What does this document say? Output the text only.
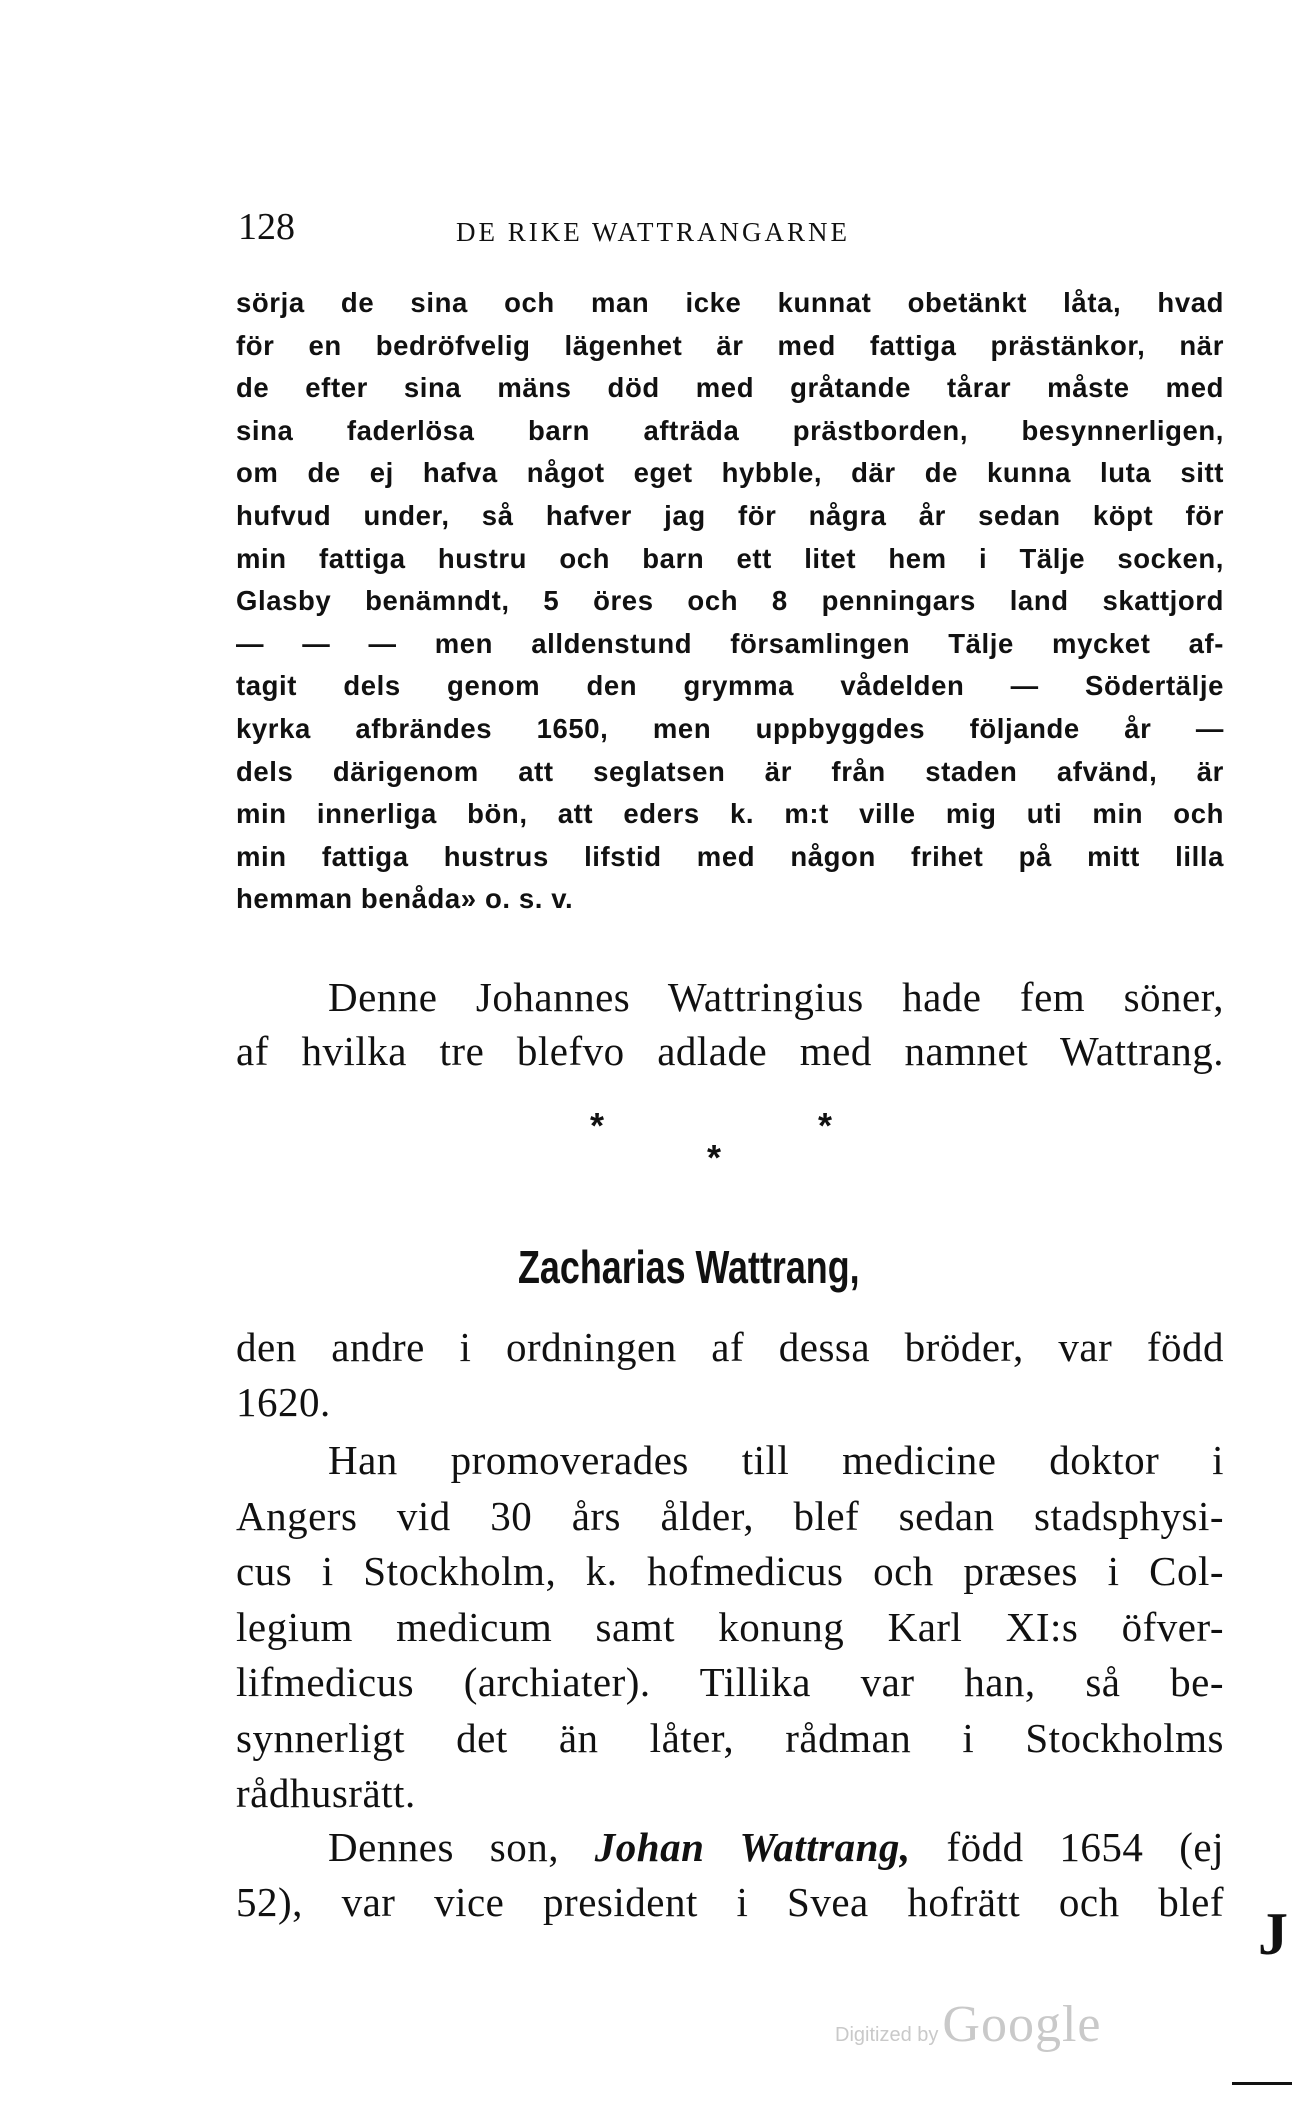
128	DE RIKE WATTRANGARNE
sörja de sina och man icke kunnat obetänkt låta, hvad
för en bedröfvelig lägenhet är med fattiga prästänkor, när
de efter sina mäns död med gråtande tårar måste med
sina faderlösa barn afträda prästborden, besynnerligen,
om de ej hafva något eget hybble, där de kunna luta sitt
hufvud under, så hafver jag för några år sedan köpt för
min fattiga hustru och barn ett litet hem i Tälje socken,
Glasby benämndt, 5 öres och 8 penningars land skattjord
— — — men alldenstund församlingen Tälje mycket af-
tagit dels genom den grymma vådelden — Södertälje
kyrka afbrändes 1650, men uppbyggdes följande år —
dels därigenom att seglatsen är från staden afvänd, är
min innerliga bön, att eders k. m:t ville mig uti min och
min fattiga hustrus lifstid med någon frihet på mitt lilla
hemman benåda» o. s. v.
Denne Johannes Wattringius hade fem söner,
af hvilka tre blefvo adlade med namnet Wattrang.
*	*
*
Zacharias Wattrang,
den andre i ordningen af dessa bröder, var född
1620.
Han promoverades till medicine doktor i
Angers vid 30 års ålder, blef sedan stadsphysi-
cus i Stockholm, k. hofmedicus och præses i Col-
legium medicum samt konung Karl XI:s öfver-
lifmedicus (archiater). Tillika var han, så be-
synnerligt det än låter, rådman i Stockholms
rådhusrätt.
Dennes son, Johan Wattrang, född 1654 (ej
52), var vice president i Svea hofrätt och blef
Digitized by Google
J
